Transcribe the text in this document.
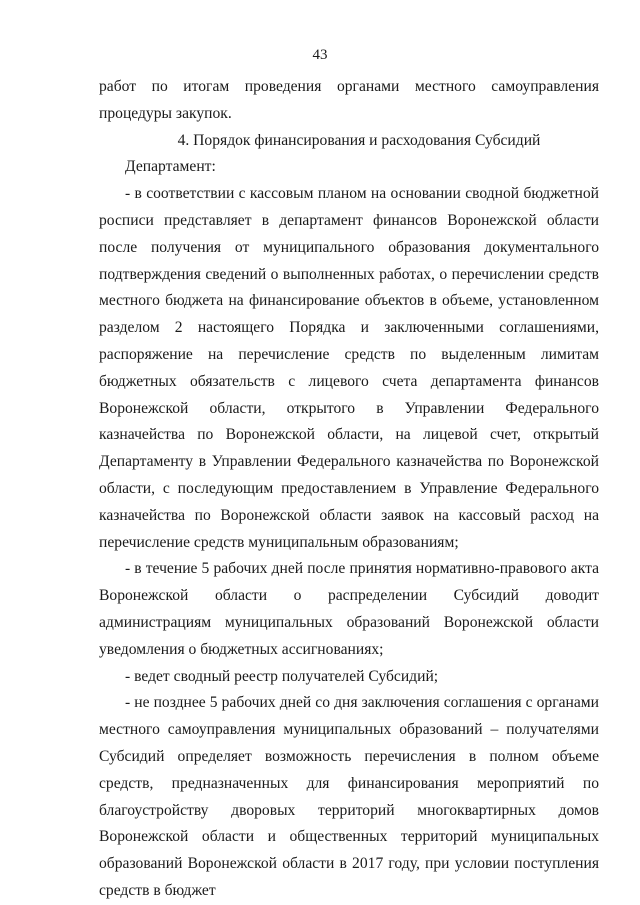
43

работ по итогам проведения органами местного самоуправления процедуры закупок.

4. Порядок финансирования и расходования Субсидий

Департамент:

- в соответствии с кассовым планом на основании сводной бюджетной росписи представляет в департамент финансов Воронежской области после получения от муниципального образования документального подтверждения сведений о выполненных работах, о перечислении средств местного бюджета на финансирование объектов в объеме, установленном разделом 2 настоящего Порядка и заключенными соглашениями, распоряжение на перечисление средств по выделенным лимитам бюджетных обязательств с лицевого счета департамента финансов Воронежской области, открытого в Управлении Федерального казначейства по Воронежской области, на лицевой счет, открытый Департаменту в Управлении Федерального казначейства по Воронежской области, с последующим предоставлением в Управление Федерального казначейства по Воронежской области заявок на кассовый расход на перечисление средств муниципальным образованиям;

- в течение 5 рабочих дней после принятия нормативно-правового акта Воронежской области о распределении Субсидий доводит администрациям муниципальных образований Воронежской области уведомления о бюджетных ассигнованиях;

- ведет сводный реестр получателей Субсидий;

- не позднее 5 рабочих дней со дня заключения соглашения с органами местного самоуправления муниципальных образований – получателями Субсидий определяет возможность перечисления в полном объеме средств, предназначенных для финансирования мероприятий по благоустройству дворовых территорий многоквартирных домов Воронежской области и общественных территорий муниципальных образований Воронежской области в 2017 году, при условии поступления средств в бюджет
